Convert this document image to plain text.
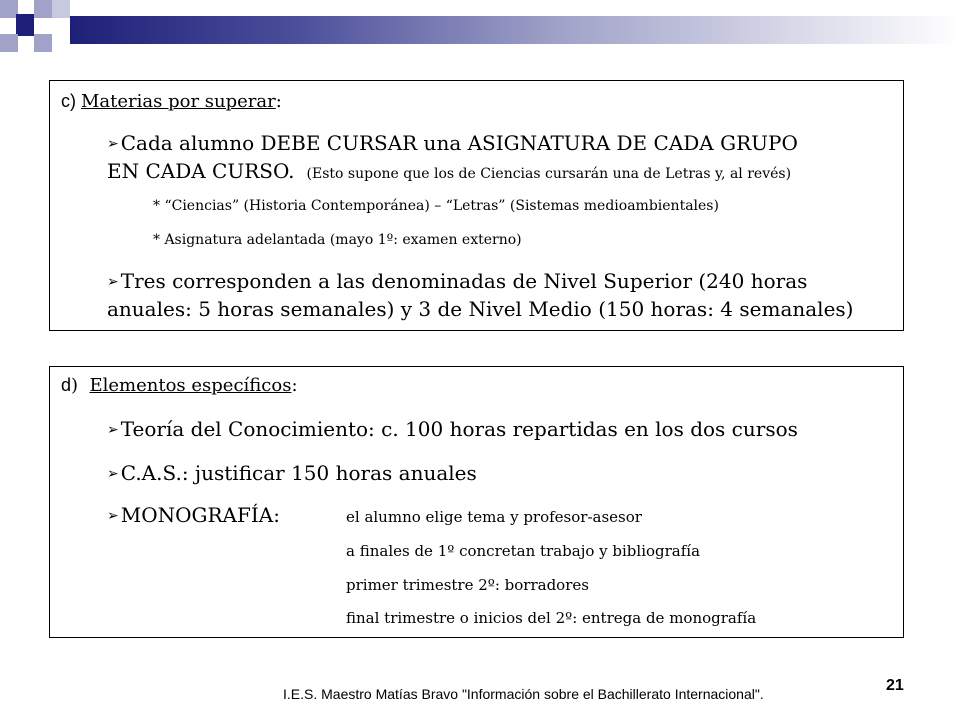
c) Materias por superar:
➢ Cada alumno DEBE CURSAR una ASIGNATURA DE CADA GRUPO
EN CADA CURSO. (Esto supone que los de Ciencias cursarán una de Letras y, al revés)
* “Ciencias” (Historia Contemporánea) – “Letras” (Sistemas medioambientales)
* Asignatura adelantada (mayo 1º: examen externo)
➢ Tres corresponden a las denominadas de Nivel Superior (240 horas
anuales: 5 horas semanales) y 3 de Nivel Medio (150 horas: 4 semanales)
d) Elementos específicos:
➢ Teoría del Conocimiento: c. 100 horas repartidas en los dos cursos
➢ C.A.S.: justificar 150 horas anuales
➢ MONOGRAFÍA:	el alumno elige tema y profesor-asesor
a finales de 1º concretan trabajo y bibliografía
primer trimestre 2º: borradores
final trimestre o inicios del 2º: entrega de monografía
I.E.S. Maestro Matías Bravo "Información sobre el Bachillerato Internacional".	21
